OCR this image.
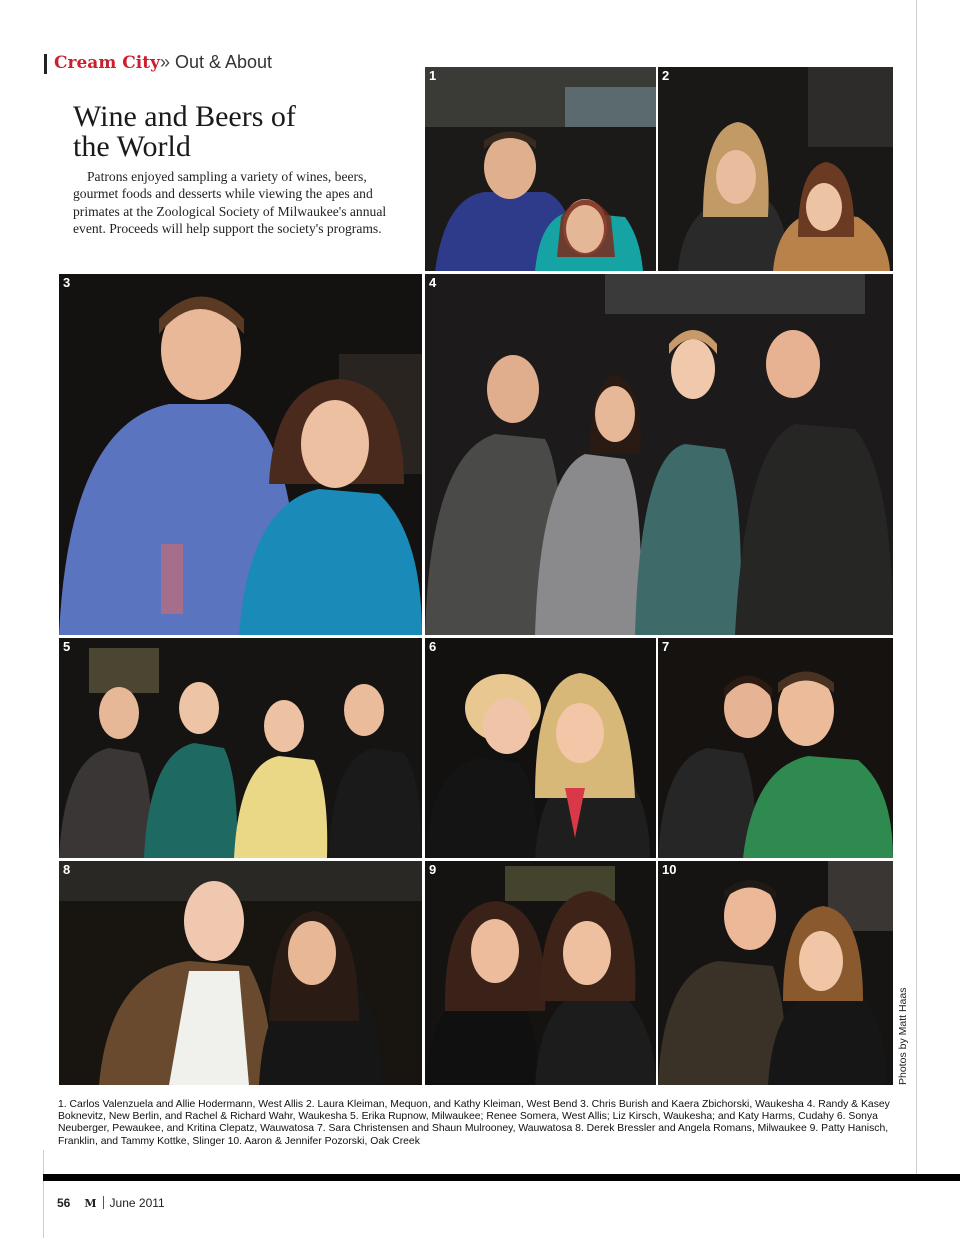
Cream City» Out & About
Wine and Beers of the World

Patrons enjoyed sampling a variety of wines, beers, gourmet foods and desserts while viewing the apes and primates at the Zoological Society of Milwaukee's annual event. Proceeds will help support the society's programs.

1	2
3	4
5	6	7
8	9	10
Photos by Matt Haas

1. Carlos Valenzuela and Allie Hodermann, West Allis 2. Laura Kleiman, Mequon, and Kathy Kleiman, West Bend 3. Chris Burish and Kaera Zbichorski, Waukesha 4. Randy & Kasey Boknevitz, New Berlin, and Rachel & Richard Wahr, Waukesha 5. Erika Rupnow, Milwaukee; Renee Somera, West Allis; Liz Kirsch, Waukesha; and Katy Harms, Cudahy 6. Sonya Neuberger, Pewaukee, and Kritina Clepatz, Wauwatosa 7. Sara Christensen and Shaun Mulrooney, Wauwatosa 8. Derek Bressler and Angela Romans, Milwaukee 9. Patty Hanisch, Franklin, and Tammy Kottke, Slinger 10. Aaron & Jennifer Pozorski, Oak Creek

56 M June 2011
